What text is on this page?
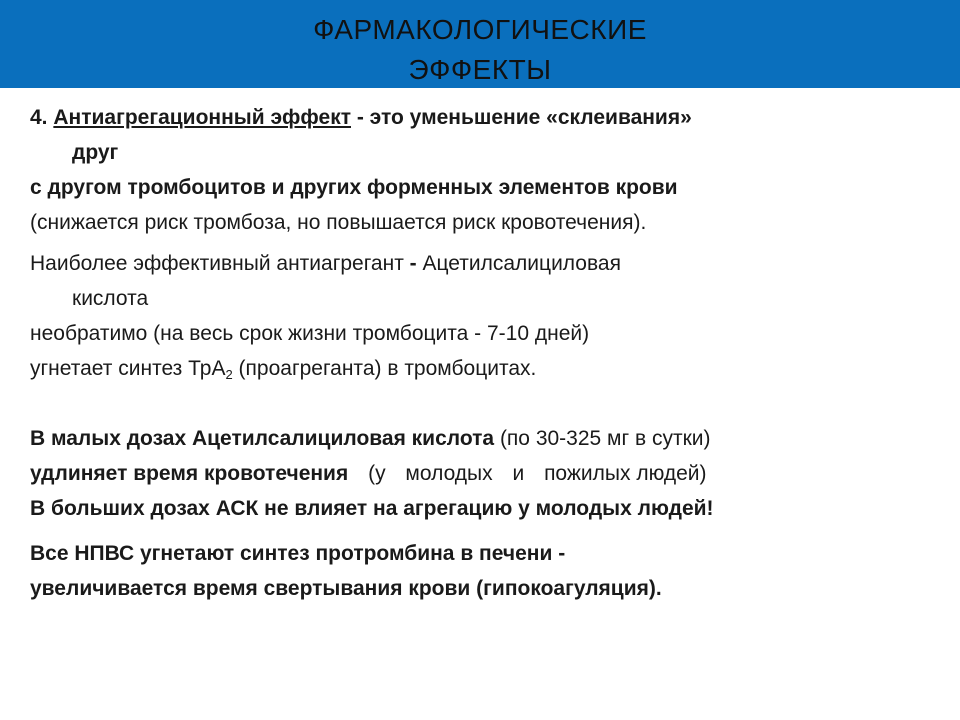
ФАРМАКОЛОГИЧЕСКИЕ
ЭФФЕКТЫ
4. Антиагрегационный эффект - это уменьшение «склеивания»
друг
с другом тромбоцитов и других форменных элементов крови
(снижается риск тромбоза, но повышается риск кровотечения).
Наиболее эффективный антиагрегант - Ацетилсалициловая
кислота
необратимо (на весь срок жизни тромбоцита - 7-10 дней)
угнетает синтез ТрА$_2$ (проагреганта) в тромбоцитах.
В малых дозах Ацетилсалициловая кислота (по 30-325 мг в сутки)
удлиняет время кровотечения (у молодых и пожилых людей)
В больших дозах АСК не влияет на агрегацию у молодых людей!
Все НПВС угнетают синтез протромбина в печени -
увеличивается время свертывания крови (гипокоагуляция).
